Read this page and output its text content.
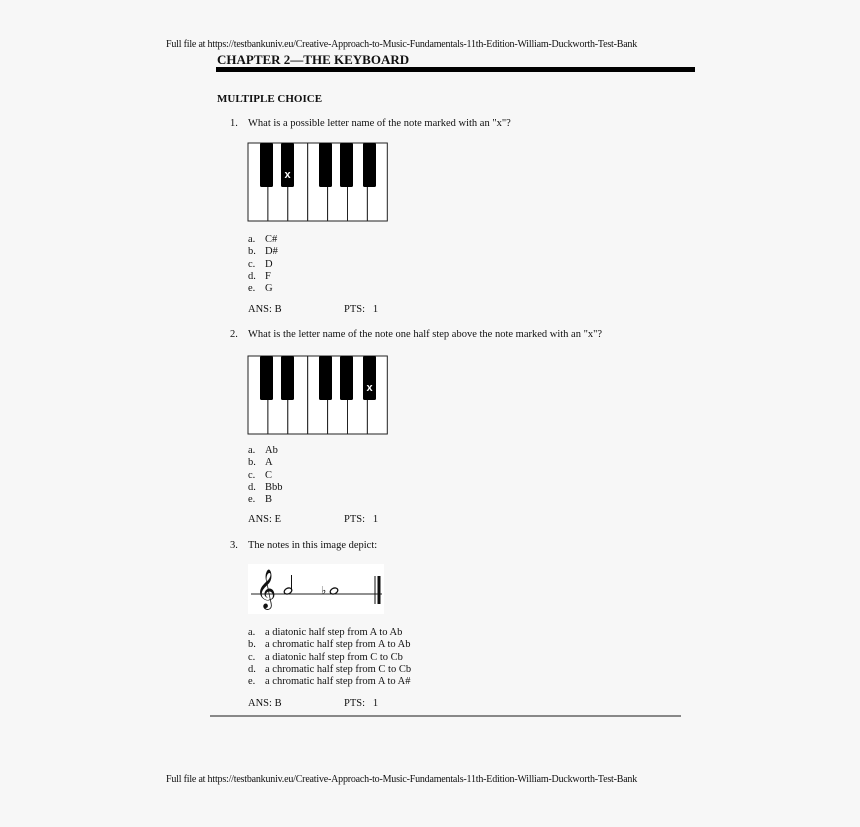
Full file at https://testbankuniv.eu/Creative-Approach-to-Music-Fundamentals-11th-Edition-William-Duckworth-Test-Bank
CHAPTER 2—THE KEYBOARD
MULTIPLE CHOICE
1. What is a possible letter name of the note marked with an "x"?
x
a. C#
b. D#
c. D
d. F
e. G
ANS: B	PTS: 1
2. What is the letter name of the note one half step above the note marked with an "x"?
x
a. Ab
b. A
c. C
d. Bbb
e. B
ANS: E	PTS: 1
3. The notes in this image depict:
𝄞	♭
a. a diatonic half step from A to Ab
b. a chromatic half step from A to Ab
c. a diatonic half step from C to Cb
d. a chromatic half step from C to Cb
e. a chromatic half step from A to A#
ANS: B	PTS: 1
Full file at https://testbankuniv.eu/Creative-Approach-to-Music-Fundamentals-11th-Edition-William-Duckworth-Test-Bank
